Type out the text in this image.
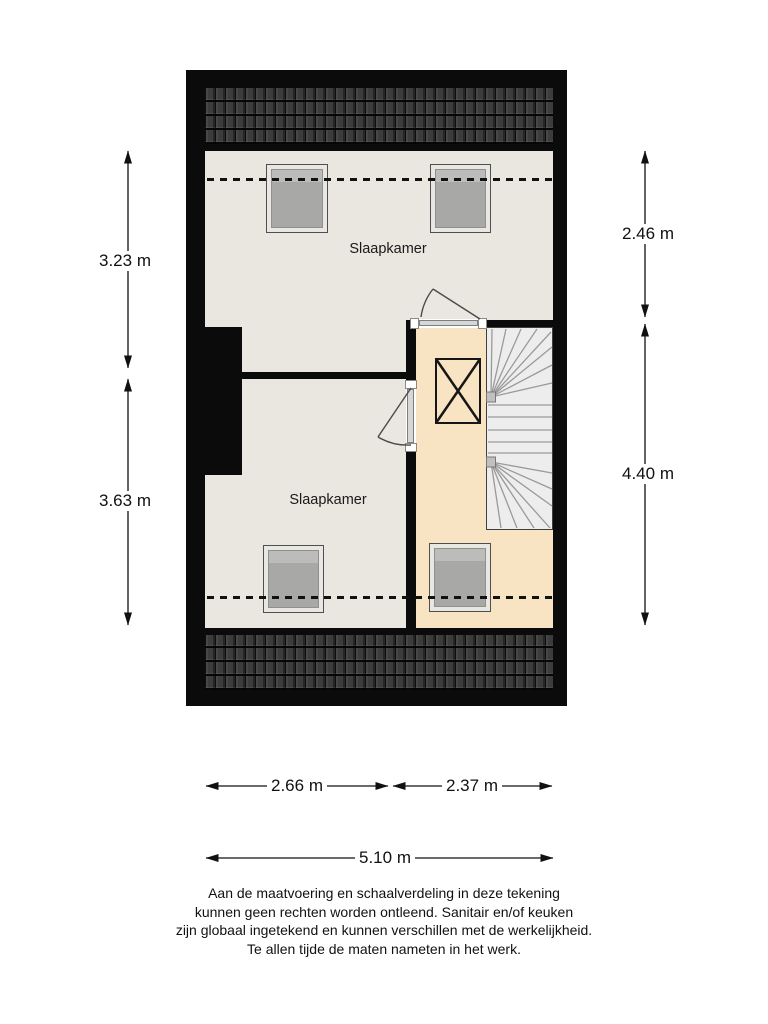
Slaapkamer
Slaapkamer
3.23 m
3.63 m
2.46 m
4.40 m
2.66 m	2.37 m
5.10 m
Aan de maatvoering en schaalverdeling in deze tekening
kunnen geen rechten worden ontleend. Sanitair en/of keuken
zijn globaal ingetekend en kunnen verschillen met de werkelijkheid.
Te allen tijde de maten nameten in het werk.
